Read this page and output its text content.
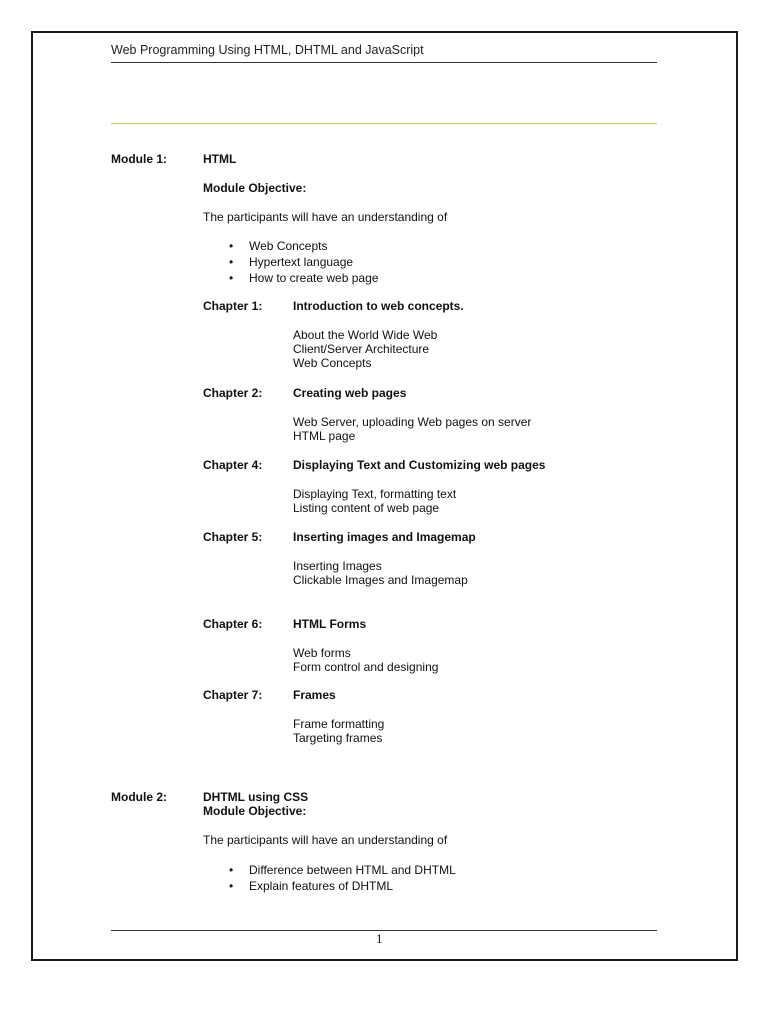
Web Programming Using HTML, DHTML and JavaScript
Module 1:	HTML
Module Objective:
The participants will have an understanding of
• Web Concepts
• Hypertext language
• How to create web page
Chapter 1:	Introduction to web concepts.
About the World Wide Web
Client/Server Architecture
Web Concepts
Chapter 2:	Creating web pages
Web Server, uploading Web pages on server
HTML page
Chapter 4:	Displaying Text and Customizing web pages
Displaying Text, formatting text
Listing content of web page
Chapter 5:	Inserting images and Imagemap
Inserting Images
Clickable Images and Imagemap
Chapter 6:	HTML Forms
Web forms
Form control and designing
Chapter 7:	Frames
Frame formatting
Targeting frames
Module 2:	DHTML using CSS
Module Objective:
The participants will have an understanding of
• Difference between HTML and DHTML
• Explain features of DHTML
1
